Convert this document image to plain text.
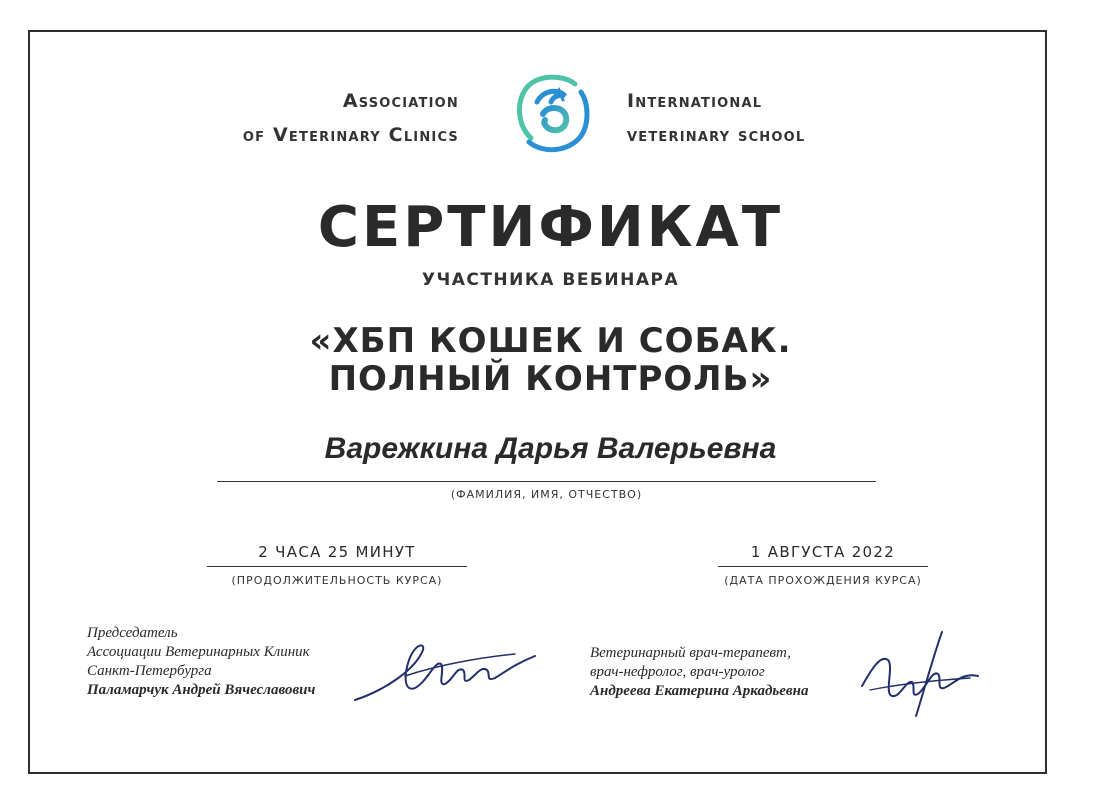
Association
of Veterinary Clinics
International
veterinary school
СЕРТИФИКАТ
УЧАСТНИКА ВЕБИНАРА
«ХБП КОШЕК И СОБАК.
ПОЛНЫЙ КОНТРОЛЬ»
Варежкина Дарья Валерьевна
(ФАМИЛИЯ, ИМЯ, ОТЧЕСТВО)
2 ЧАСА 25 МИНУТ
(ПРОДОЛЖИТЕЛЬНОСТЬ КУРСА)
1 АВГУСТА 2022
(ДАТА ПРОХОЖДЕНИЯ КУРСА)
Председатель
Ассоциации Ветеринарных Клиник
Санкт-Петербурга
Паламарчук Андрей Вячеславович
Ветеринарный врач-терапевт,
врач-нефролог, врач-уролог
Андреева Екатерина Аркадьевна
